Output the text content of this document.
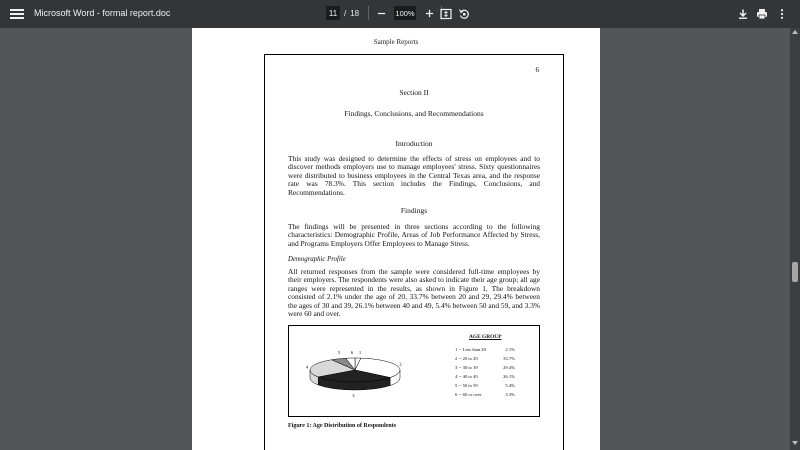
Microsoft Word - formal report.doc
11	/ 18
100%
Sample Reports
6
Section II
Findings, Conclusions, and Recommendations
Introduction
This study was designed to determine the effects of stress on employees and to discover methods employers use to manage employees' stress. Sixty questionnaires were distributed to business employees in the Central Texas area, and the response rate was 78.3%. This section includes the Findings, Conclusions, and Recommendations.
Findings
The findings will be presented in three sections according to the following characteristics: Demographic Profile, Areas of Job Performance Affected by Stress, and Programs Employers Offer Employees to Manage Stress.
Demographic Profile
All returned responses from the sample were considered full-time employees by their employers. The respondents were also asked to indicate their age group; all age ranges were represented in the results, as shown in Figure 1. The breakdown consisted of 2.1% under the age of 20, 33.7% between 20 and 29, 29.4% between the ages of 30 and 39, 26.1% between 40 and 49, 5.4% between 50 and 59, and 3.3% were 60 and over.
1
2
3
4
5 6
AGE GROUP
1 -- Less than 20	2.1%
2 -- 20 to 29	33.7%
3 -- 30 to 39	29.4%
4 -- 40 to 49	26.1%
5 -- 50 to 59	5.4%
6 -- 60 or over	3.3%
Figure 1: Age Distribution of Respondents
